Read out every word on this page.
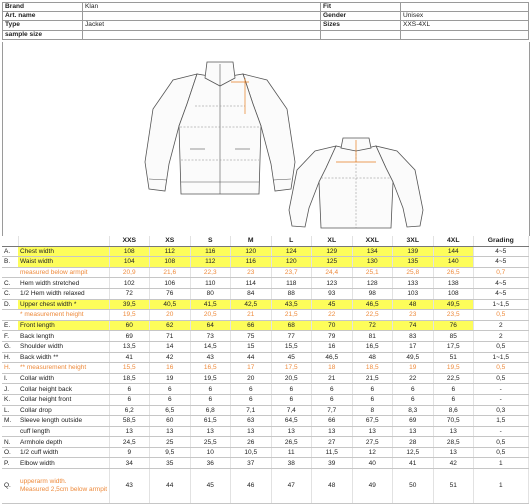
Brand	Klan	Fit	
Art. name		Gender	Unisex
Type	Jacket	Sizes	XXS-4XL
sample size			
		XXS	XS	S	M	L	XL	XXL	3XL	4XL	Grading
A.	Chest width	108	112	116	120	124	129	134	139	144	4~5
B.	Waist width	104	108	112	116	120	125	130	135	140	4~5
	measured below armpit	20,9	21,6	22,3	23	23,7	24,4	25,1	25,8	26,5	0,7
C.	Hem width stretched	102	106	110	114	118	123	128	133	138	4~5
C.	1/2 Hem width relaxed	72	76	80	84	88	93	98	103	108	4~5
D.	Upper chest width *	39,5	40,5	41,5	42,5	43,5	45	46,5	48	49,5	1~1,5
	* measurement height	19,5	20	20,5	21	21,5	22	22,5	23	23,5	0,5
E.	Front length	60	62	64	66	68	70	72	74	76	2
F.	Back length	69	71	73	75	77	79	81	83	85	2
G.	Shoulder width	13,5	14	14,5	15	15,5	16	16,5	17	17,5	0,5
H.	Back width **	41	42	43	44	45	46,5	48	49,5	51	1~1,5
H.	** measurement height	15,5	16	16,5	17	17,5	18	18,5	19	19,5	0,5
I.	Collar width	18,5	19	19,5	20	20,5	21	21,5	22	22,5	0,5
J.	Collar height back	6	6	6	6	6	6	6	6	6	-
K.	Collar height front	6	6	6	6	6	6	6	6	6	-
L.	Collar drop	6,2	6,5	6,8	7,1	7,4	7,7	8	8,3	8,6	0,3
M.	Sleeve length outside	58,5	60	61,5	63	64,5	66	67,5	69	70,5	1,5
	cuff length	13	13	13	13	13	13	13	13	13	-
N.	Armhole depth	24,5	25	25,5	26	26,5	27	27,5	28	28,5	0,5
O.	1/2 cuff width	9	9,5	10	10,5	11	11,5	12	12,5	13	0,5
P.	Elbow width	34	35	36	37	38	39	40	41	42	1
Q.	upperarm width.
Measured 2,5cm below armpit	43	44	45	46	47	48	49	50	51	1
